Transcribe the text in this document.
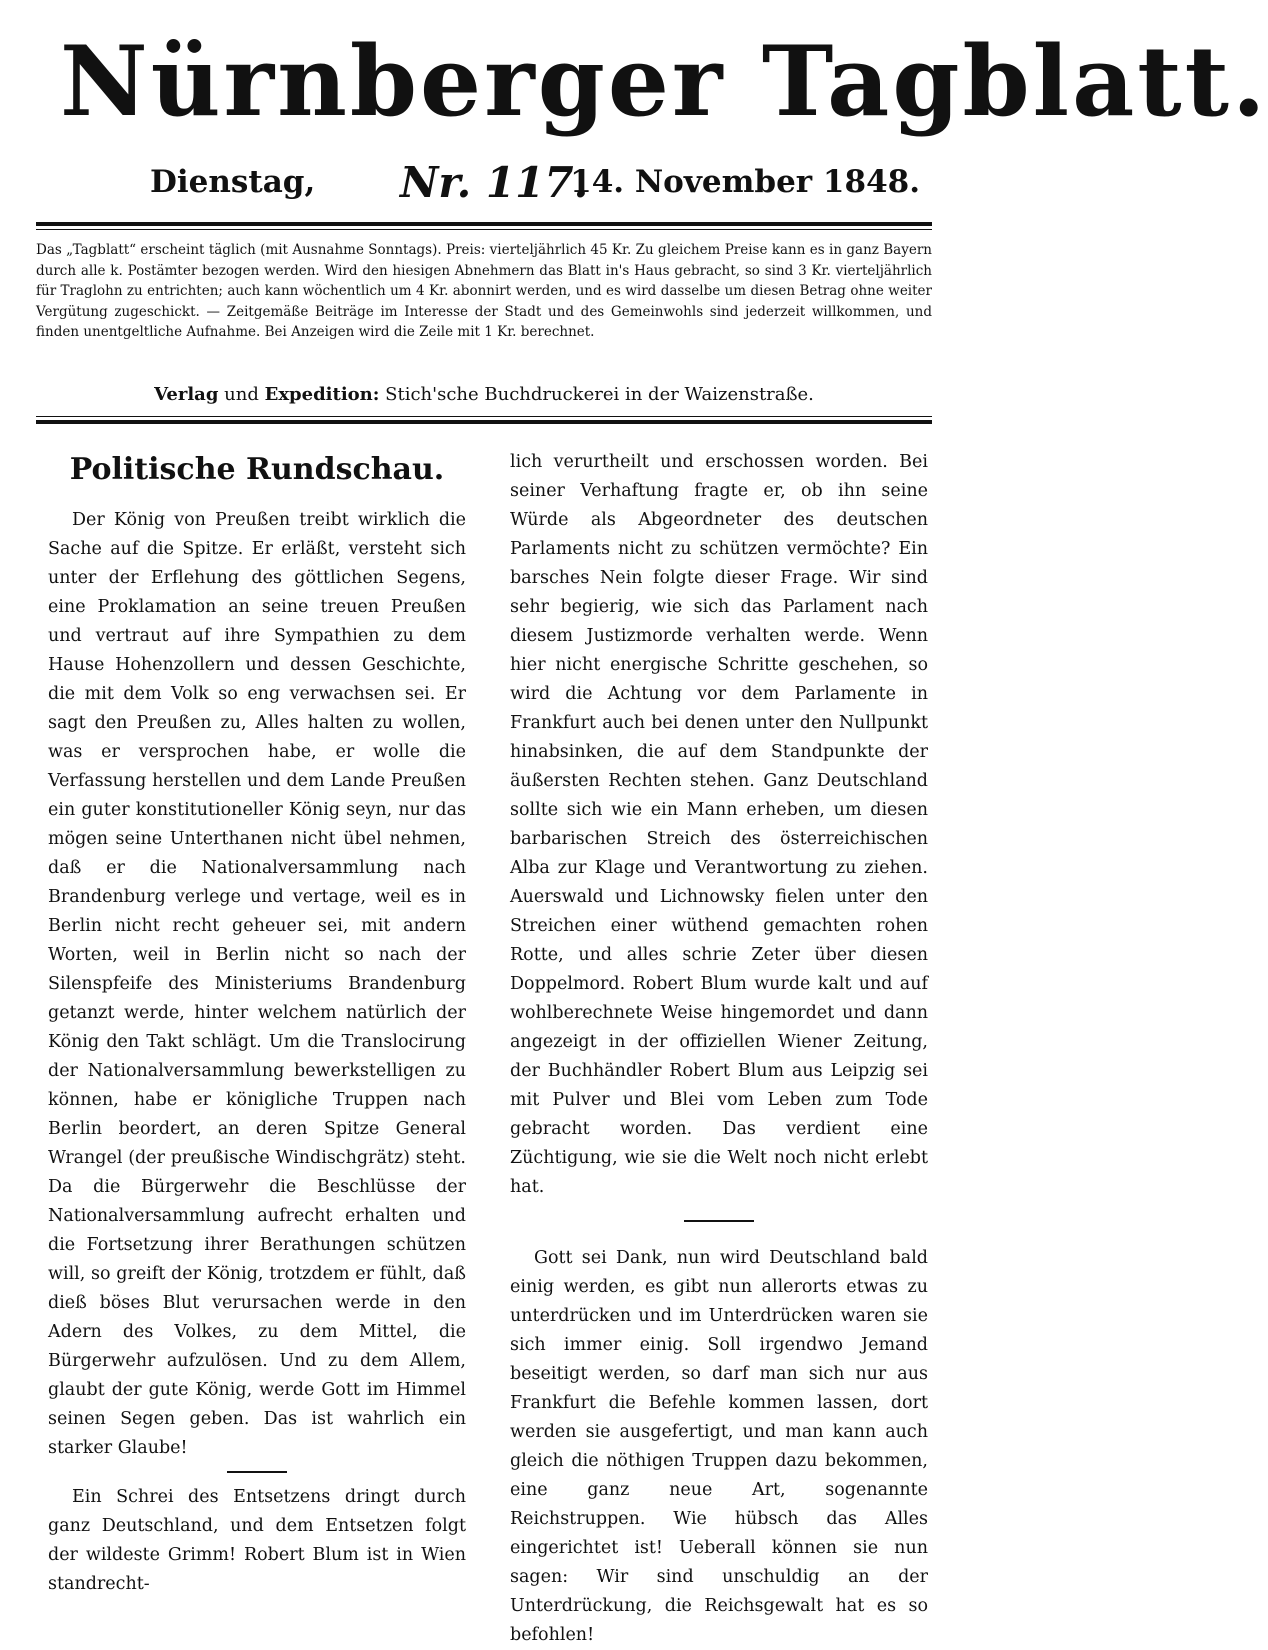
Nürnberger Tagblatt.
Dienstag, Nr. 117.
14. November 1848.

Das „Tagblatt“ erscheint täglich (mit Ausnahme Sonntags). Preis: vierteljährlich 45 Kr. Zu gleichem Preise kann es in ganz Bayern durch alle k. Postämter bezogen werden. Wird den hiesigen Abnehmern das Blatt in's Haus gebracht, so sind 3 Kr. vierteljährlich für Traglohn zu entrichten; auch kann wöchentlich um 4 Kr. abonnirt werden, und es wird dasselbe um diesen Betrag ohne weiter Vergütung zugeschickt. — Zeitgemäße Beiträge im Interesse der Stadt und des Gemeinwohls sind jederzeit willkommen, und finden unentgeltliche Aufnahme. Bei Anzeigen wird die Zeile mit 1 Kr. berechnet.

Verlag und Expedition: Stich'sche Buchdruckerei in der Waizenstraße.
Politische Rundschau.

Der König von Preußen treibt wirklich die Sache auf die Spitze. Er erläßt, versteht sich unter der Erflehung des göttlichen Segens, eine Proklamation an seine treuen Preußen und vertraut auf ihre Sympathien zu dem Hause Hohenzollern und dessen Geschichte, die mit dem Volk so eng verwachsen sei. Er sagt den Preußen zu, Alles halten zu wollen, was er versprochen habe, er wolle die Verfassung herstellen und dem Lande Preußen ein guter konstitutioneller König seyn, nur das mögen seine Unterthanen nicht übel nehmen, daß er die Nationalversammlung nach Brandenburg verlege und vertage, weil es in Berlin nicht recht geheuer sei, mit andern Worten, weil in Berlin nicht so nach der Silenspfeife des Ministeriums Brandenburg getanzt werde, hinter welchem natürlich der König den Takt schlägt. Um die Translocirung der Nationalversammlung bewerkstelligen zu können, habe er königliche Truppen nach Berlin beordert, an deren Spitze General Wrangel (der preußische Windischgrätz) steht. Da die Bürgerwehr die Beschlüsse der Nationalversammlung aufrecht erhalten und die Fortsetzung ihrer Berathungen schützen will, so greift der König, trotzdem er fühlt, daß dieß böses Blut verursachen werde in den Adern des Volkes, zu dem Mittel, die Bürgerwehr aufzulösen. Und zu dem Allem, glaubt der gute König, werde Gott im Himmel seinen Segen geben. Das ist wahrlich ein starker Glaube!

Ein Schrei des Entsetzens dringt durch ganz Deutschland, und dem Entsetzen folgt der wildeste Grimm! Robert Blum ist in Wien standrecht-

lich verurtheilt und erschossen worden. Bei seiner Verhaftung fragte er, ob ihn seine Würde als Abgeordneter des deutschen Parlaments nicht zu schützen vermöchte? Ein barsches Nein folgte dieser Frage. Wir sind sehr begierig, wie sich das Parlament nach diesem Justizmorde verhalten werde. Wenn hier nicht energische Schritte geschehen, so wird die Achtung vor dem Parlamente in Frankfurt auch bei denen unter den Nullpunkt hinabsinken, die auf dem Standpunkte der äußersten Rechten stehen. Ganz Deutschland sollte sich wie ein Mann erheben, um diesen barbarischen Streich des österreichischen Alba zur Klage und Verantwortung zu ziehen. Auerswald und Lichnowsky fielen unter den Streichen einer wüthend gemachten rohen Rotte, und alles schrie Zeter über diesen Doppelmord. Robert Blum wurde kalt und auf wohlberechnete Weise hingemordet und dann angezeigt in der offiziellen Wiener Zeitung, der Buchhändler Robert Blum aus Leipzig sei mit Pulver und Blei vom Leben zum Tode gebracht worden. Das verdient eine Züchtigung, wie sie die Welt noch nicht erlebt hat.

Gott sei Dank, nun wird Deutschland bald einig werden, es gibt nun allerorts etwas zu unterdrücken und im Unterdrücken waren sie sich immer einig. Soll irgendwo Jemand beseitigt werden, so darf man sich nur aus Frankfurt die Befehle kommen lassen, dort werden sie ausgefertigt, und man kann auch gleich die nöthigen Truppen dazu bekommen, eine ganz neue Art, sogenannte Reichstruppen. Wie hübsch das Alles eingerichtet ist! Ueberall können sie nun sagen: Wir sind unschuldig an der Unterdrückung, die Reichsgewalt hat es so befohlen!
